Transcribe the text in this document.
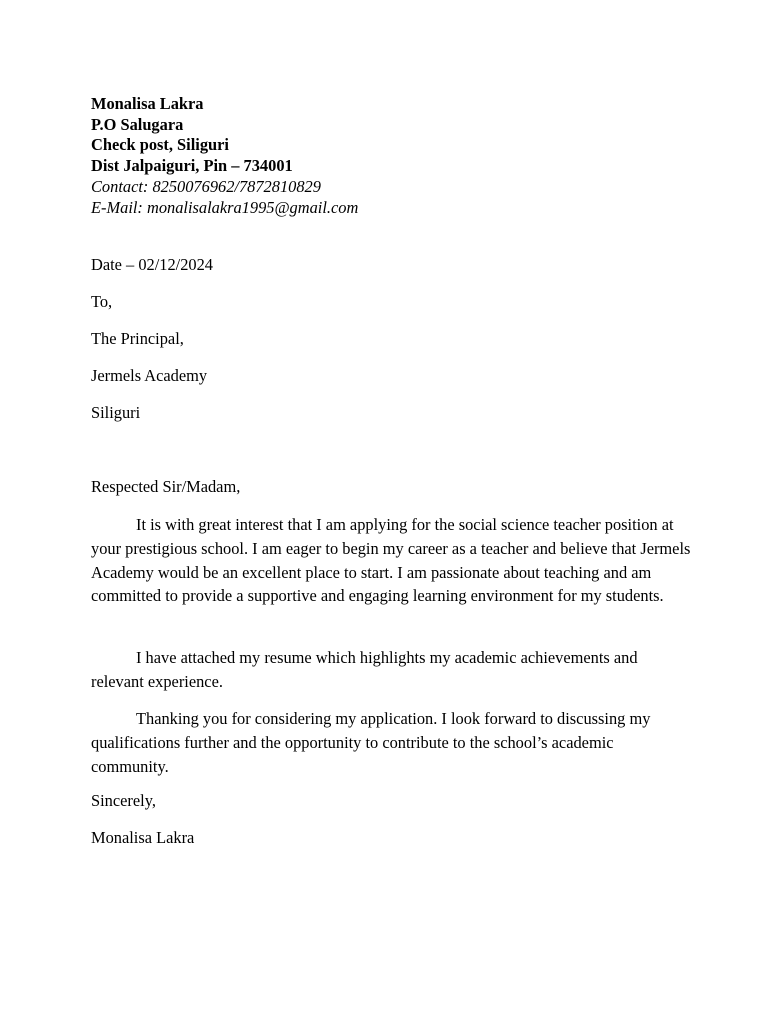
Monalisa Lakra
P.O Salugara
Check post, Siliguri
Dist Jalpaiguri, Pin – 734001
Contact: 8250076962/7872810829
E-Mail: monalisalakra1995@gmail.com
Date – 02/12/2024
To,
The Principal,
Jermels Academy
Siliguri
Respected Sir/Madam,

It is with great interest that I am applying for the social science teacher position at your prestigious school. I am eager to begin my career as a teacher and believe that Jermels Academy would be an excellent place to start. I am passionate about teaching and am committed to provide a supportive and engaging learning environment for my students.

I have attached my resume which highlights my academic achievements and relevant experience.

Thanking you for considering my application. I look forward to discussing my qualifications further and the opportunity to contribute to the school’s academic community.

Sincerely,
Monalisa Lakra
